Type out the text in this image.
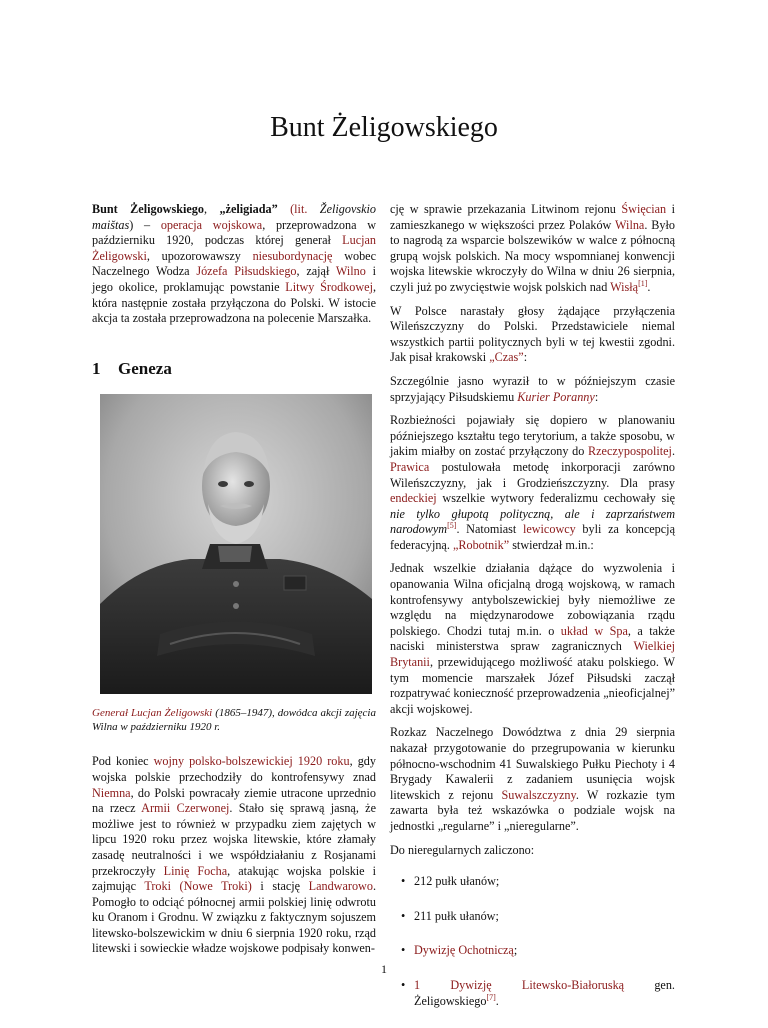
Bunt Żeligowskiego

Bunt Żeligowskiego, „żeligiada” (lit. Želigovskio maištas) – operacja wojskowa, przeprowadzona w październiku 1920, podczas której generał Lucjan Żeligowski, upozorowawszy niesubordynację wobec Naczelnego Wodza Józefa Piłsudskiego, zajął Wilno i jego okolice, proklamując powstanie Litwy Środkowej, która następnie została przyłączona do Polski. W istocie akcja ta została przeprowadzona na polecenie Marszałka.

1 Geneza

Generał Lucjan Żeligowski (1865–1947), dowódca akcji zajęcia Wilna w październiku 1920 r.

Pod koniec wojny polsko-bolszewickiej 1920 roku, gdy wojska polskie przechodziły do kontrofensywy znad Niemna, do Polski powracały ziemie utracone uprzednio na rzecz Armii Czerwonej. Stało się sprawą jasną, że możliwe jest to również w przypadku ziem zajętych w lipcu 1920 roku przez wojska litewskie, które złamały zasadę neutralności i we współdziałaniu z Rosjanami przekroczyły Linię Focha, atakując wojska polskie i zajmując Troki (Nowe Troki) i stację Landwarowo. Pomogło to odciąć północnej armii polskiej linię odwrotu ku Oranom i Grodnu. W związku z faktycznym sojuszem litewsko-bolszewickim w dniu 6 sierpnia 1920 roku, rząd litewski i sowieckie władze wojskowe podpisały konwen-

cję w sprawie przekazania Litwinom rejonu Święcian i zamieszkanego w większości przez Polaków Wilna. Było to nagrodą za wsparcie bolszewików w walce z północną grupą wojsk polskich. Na mocy wspomnianej konwencji wojska litewskie wkroczyły do Wilna w dniu 26 sierpnia, czyli już po zwycięstwie wojsk polskich nad Wisłą[1].

W Polsce narastały głosy żądające przyłączenia Wileńszczyzny do Polski. Przedstawiciele niemal wszystkich partii politycznych byli w tej kwestii zgodni. Jak pisał krakowski „Czas”:

Szczególnie jasno wyraził to w późniejszym czasie sprzyjający Piłsudskiemu Kurier Poranny:

Rozbieżności pojawiały się dopiero w planowaniu późniejszego kształtu tego terytorium, a także sposobu, w jakim miałby on zostać przyłączony do Rzeczypospolitej. Prawica postulowała metodę inkorporacji zarówno Wileńszczyzny, jak i Grodzieńszczyzny. Dla prasy endeckiej wszelkie wytwory federalizmu cechowały się nie tylko głupotą polityczną, ale i zaprzaństwem narodowym[5]. Natomiast lewicowcy byli za koncepcją federacyjną. „Robotnik” stwierdzał m.in.:

Jednak wszelkie działania dążące do wyzwolenia i opanowania Wilna oficjalną drogą wojskową, w ramach kontrofensywy antybolszewickiej były niemożliwe ze względu na międzynarodowe zobowiązania rządu polskiego. Chodzi tutaj m.in. o układ w Spa, a także naciski ministerstwa spraw zagranicznych Wielkiej Brytanii, przewidującego możliwość ataku polskiego. W tym momencie marszałek Józef Piłsudski zaczął rozpatrywać konieczność przeprowadzenia „nieoficjalnej” akcji wojskowej.

Rozkaz Naczelnego Dowództwa z dnia 29 sierpnia nakazał przygotowanie do przegrupowania w kierunku północno-wschodnim 41 Suwalskiego Pułku Piechoty i 4 Brygady Kawalerii z zadaniem usunięcia wojsk litewskich z rejonu Suwalszczyzny. W rozkazie tym zawarta była też wskazówka o podziale wojsk na jednostki „regularne” i „nieregularne”.

Do nieregularnych zaliczono:

• 212 pułk ułanów;
• 211 pułk ułanów;
• Dywizję Ochotniczą;
• 1 Dywizję Litewsko-Białoruską gen. Żeligowskiego[7].
1
